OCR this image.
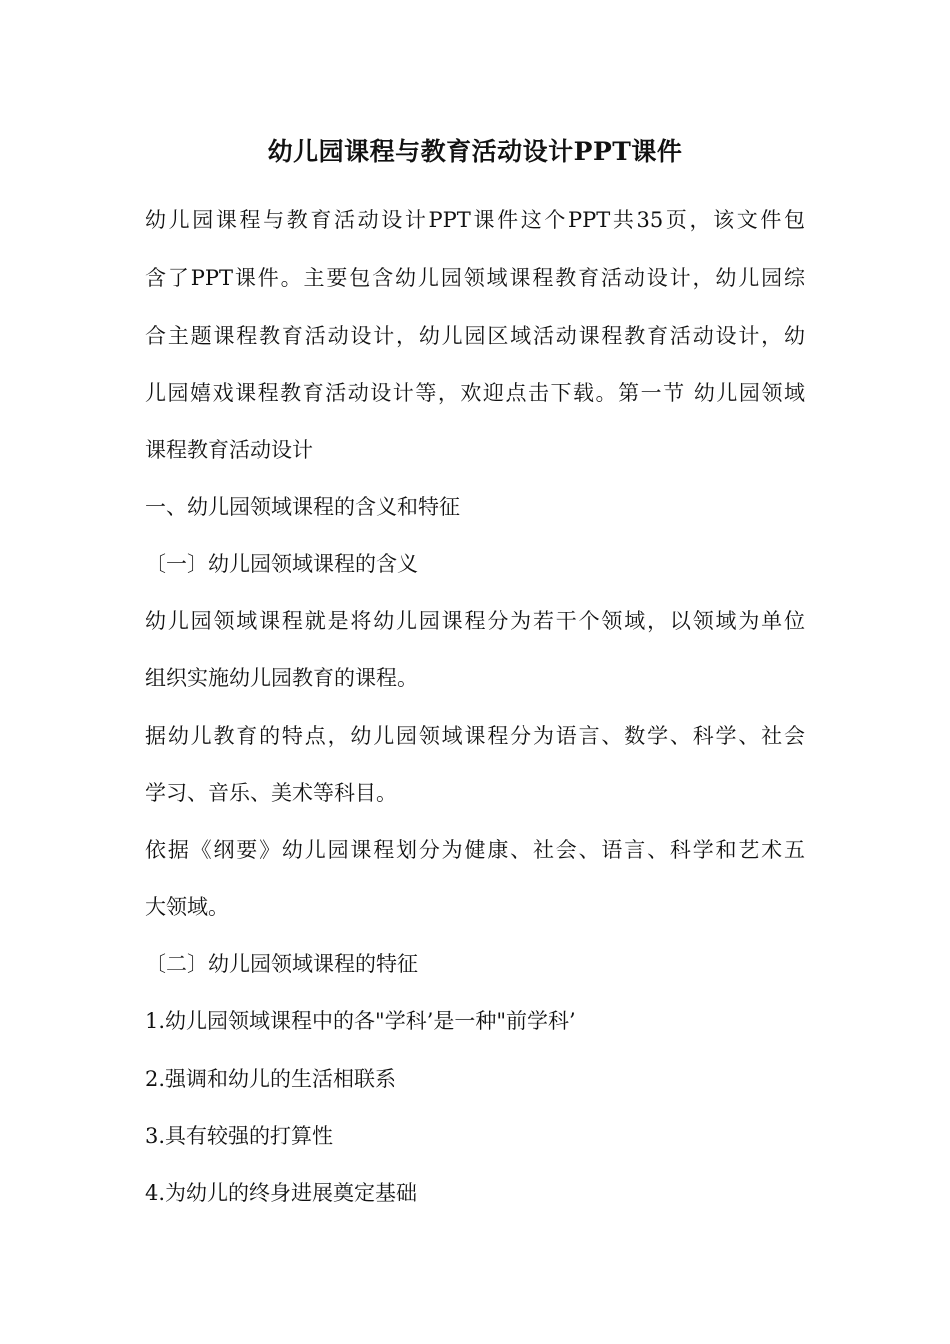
幼儿园课程与教育活动设计PPT课件
幼儿园课程与教育活动设计PPT课件这个PPT共35页，该文件包
含了PPT课件。主要包含幼儿园领域课程教育活动设计，幼儿园综
合主题课程教育活动设计，幼儿园区域活动课程教育活动设计，幼
儿园嬉戏课程教育活动设计等，欢迎点击下载。第一节 幼儿园领域
课程教育活动设计
一、幼儿园领域课程的含义和特征
〔一〕幼儿园领域课程的含义
幼儿园领域课程就是将幼儿园课程分为若干个领域，以领域为单位
组织实施幼儿园教育的课程。
据幼儿教育的特点，幼儿园领域课程分为语言、数学、科学、社会
学习、音乐、美术等科目。
依据《纲要》幼儿园课程划分为健康、社会、语言、科学和艺术五
大领域。
〔二〕幼儿园领域课程的特征
1.幼儿园领域课程中的各"学科’是一种"前学科’
2.强调和幼儿的生活相联系
3.具有较强的打算性
4.为幼儿的终身进展奠定基础
